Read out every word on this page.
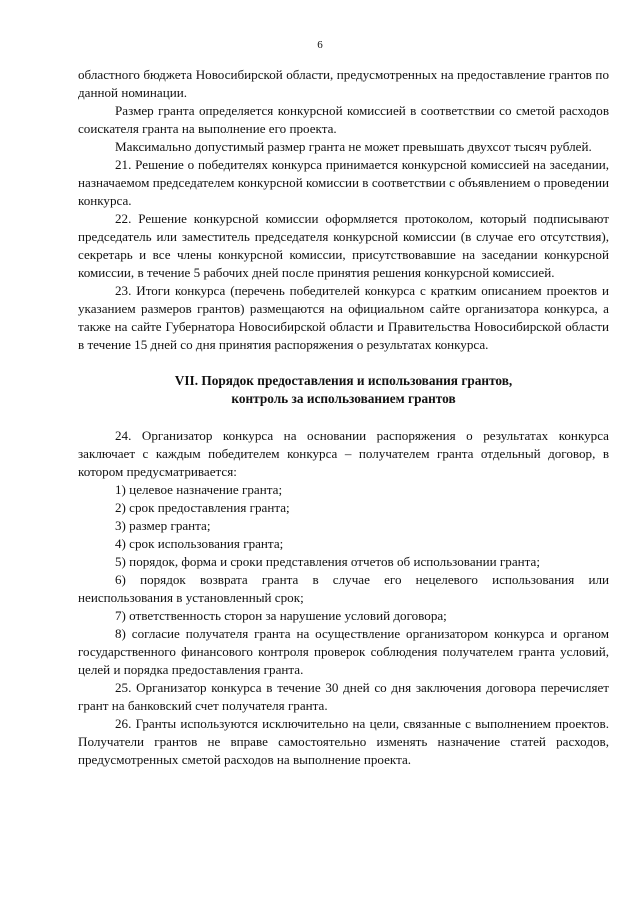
6

областного бюджета Новосибирской области, предусмотренных на предоставление грантов по данной номинации.

Размер гранта определяется конкурсной комиссией в соответствии со сметой расходов соискателя гранта на выполнение его проекта.

Максимально допустимый размер гранта не может превышать двухсот тысяч рублей.

21. Решение о победителях конкурса принимается конкурсной комиссией на заседании, назначаемом председателем конкурсной комиссии в соответствии с объявлением о проведении конкурса.

22. Решение конкурсной комиссии оформляется протоколом, который подписывают председатель или заместитель председателя конкурсной комиссии (в случае его отсутствия), секретарь и все члены конкурсной комиссии, присутствовавшие на заседании конкурсной комиссии, в течение 5 рабочих дней после принятия решения конкурсной комиссией.

23. Итоги конкурса (перечень победителей конкурса с кратким описанием проектов и указанием размеров грантов) размещаются на официальном сайте организатора конкурса, а также на сайте Губернатора Новосибирской области и Правительства Новосибирской области в течение 15 дней со дня принятия распоряжения о результатах конкурса.

VII. Порядок предоставления и использования грантов,
контроль за использованием грантов

24. Организатор конкурса на основании распоряжения о результатах конкурса заключает с каждым победителем конкурса – получателем гранта отдельный договор, в котором предусматривается:

1) целевое назначение гранта;

2) срок предоставления гранта;

3) размер гранта;

4) срок использования гранта;

5) порядок, форма и сроки представления отчетов об использовании гранта;

6) порядок возврата гранта в случае его нецелевого использования или неиспользования в установленный срок;

7) ответственность сторон за нарушение условий договора;

8) согласие получателя гранта на осуществление организатором конкурса и органом государственного финансового контроля проверок соблюдения получателем гранта условий, целей и порядка предоставления гранта.

25. Организатор конкурса в течение 30 дней со дня заключения договора перечисляет грант на банковский счет получателя гранта.

26. Гранты используются исключительно на цели, связанные с выполнением проектов. Получатели грантов не вправе самостоятельно изменять назначение статей расходов, предусмотренных сметой расходов на выполнение проекта.
